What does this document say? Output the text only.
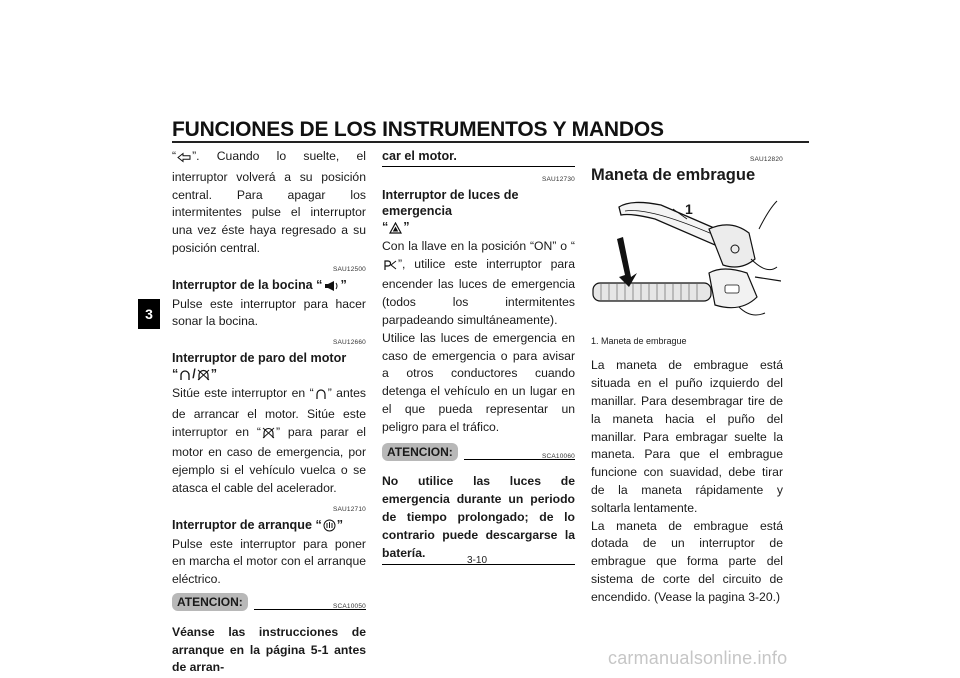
FUNCIONES DE LOS INSTRUMENTOS Y MANDOS
3

“ ”. Cuando lo suelte, el interruptor volverá a su posición central. Para apagar los intermitentes pulse el interruptor una vez éste haya regresado a su posición central.

SAU12500

Interruptor de la bocina “ ”

Pulse este interruptor para hacer sonar la bocina.

SAU12660

Interruptor de paro del motor

“ / ”

Sitúe este interruptor en “ ” antes de arrancar el motor. Sitúe este interruptor en “ ” para parar el motor en caso de emergencia, por ejemplo si el vehículo vuelca o se atasca el cable del acelerador.

SAU12710

Interruptor de arranque “ ”

Pulse este interruptor para poner en marcha el motor con el arranque eléctrico.

ATENCION:	SCA10050

Véanse las instrucciones de arranque en la página 5-1 antes de arran-

car el motor.

SAU12730

Interruptor de luces de emergencia

“ ”

Con la llave en la posición “ON” o “”, utilice este interruptor para encender las luces de emergencia (todos los intermitentes parpadeando simultáneamente).

Utilice las luces de emergencia en caso de emergencia o para avisar a otros conductores cuando detenga el vehículo en un lugar en el que pueda representar un peligro para el tráfico.

ATENCION:	SCA10060

No utilice las luces de emergencia durante un periodo de tiempo prolongado; de lo contrario puede descargarse la batería.

SAU12820

Maneta de embrague

1
1. Maneta de embrague

La maneta de embrague está situada en el puño izquierdo del manillar. Para desembragar tire de la maneta hacia el puño del manillar. Para embragar suelte la maneta. Para que el embrague funcione con suavidad, debe tirar de la maneta rápidamente y soltarla lentamente.

La maneta de embrague está dotada de un interruptor de embrague que forma parte del sistema de corte del circuito de encendido. (Vease la pagina 3-20.)

3-10
carmanualsonline.info
